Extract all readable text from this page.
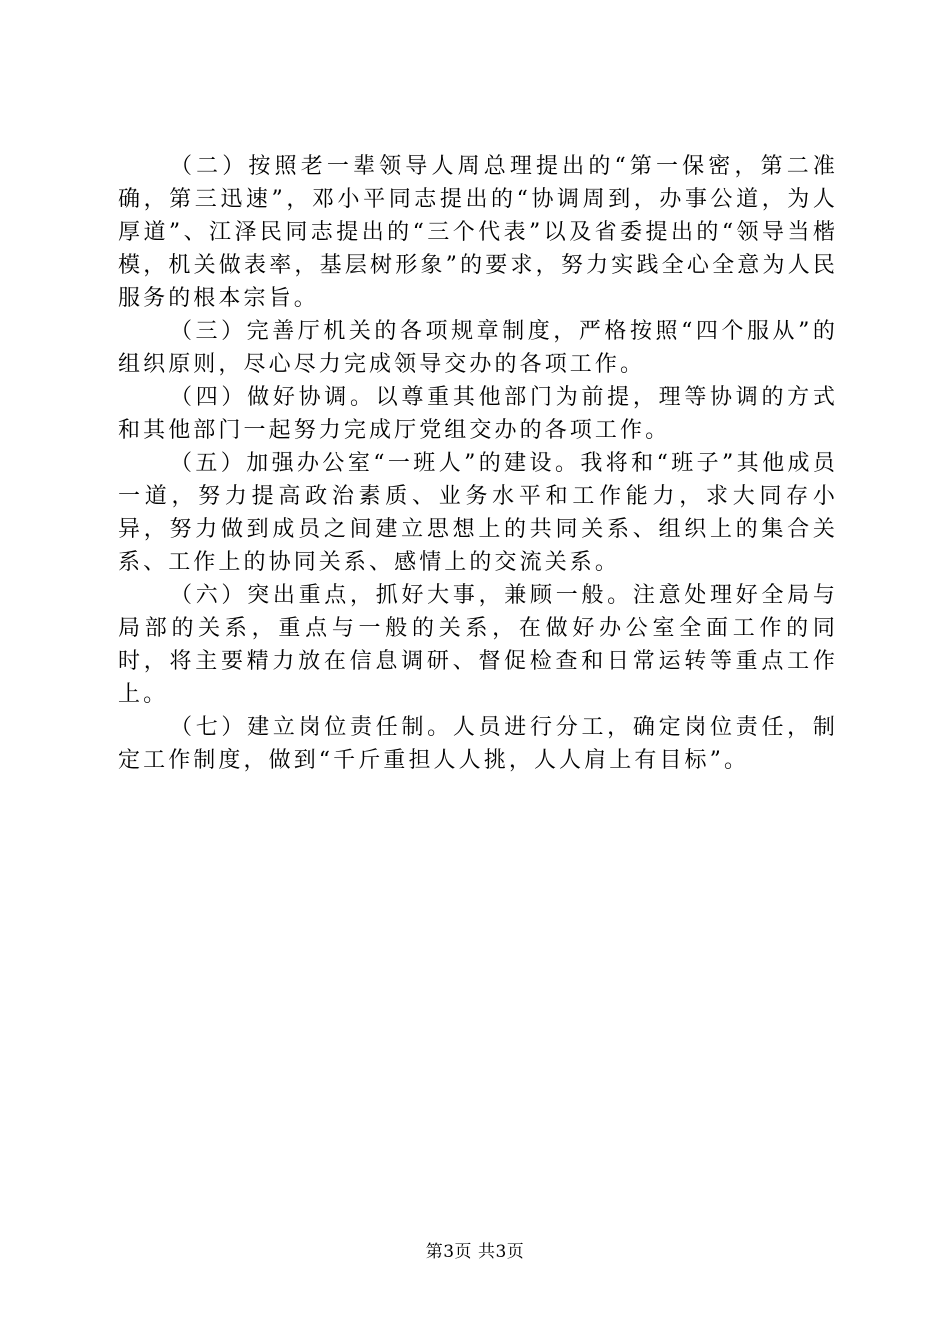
（二）按照老一辈领导人周总理提出的“第一保密，第二准确，第三迅速”，邓小平同志提出的“协调周到，办事公道，为人厚道”、江泽民同志提出的“三个代表”以及省委提出的“领导当楷模，机关做表率，基层树形象”的要求，努力实践全心全意为人民服务的根本宗旨。

（三）完善厅机关的各项规章制度，严格按照“四个服从”的组织原则，尽心尽力完成领导交办的各项工作。

（四）做好协调。以尊重其他部门为前提，理等协调的方式和其他部门一起努力完成厅党组交办的各项工作。

（五）加强办公室“一班人”的建设。我将和“班子”其他成员一道，努力提高政治素质、业务水平和工作能力，求大同存小异，努力做到成员之间建立思想上的共同关系、组织上的集合关系、工作上的协同关系、感情上的交流关系。

（六）突出重点，抓好大事，兼顾一般。注意处理好全局与局部的关系，重点与一般的关系，在做好办公室全面工作的同时，将主要精力放在信息调研、督促检查和日常运转等重点工作上。

（七）建立岗位责任制。人员进行分工，确定岗位责任，制定工作制度，做到“千斤重担人人挑，人人肩上有目标”。

第3页 共3页
